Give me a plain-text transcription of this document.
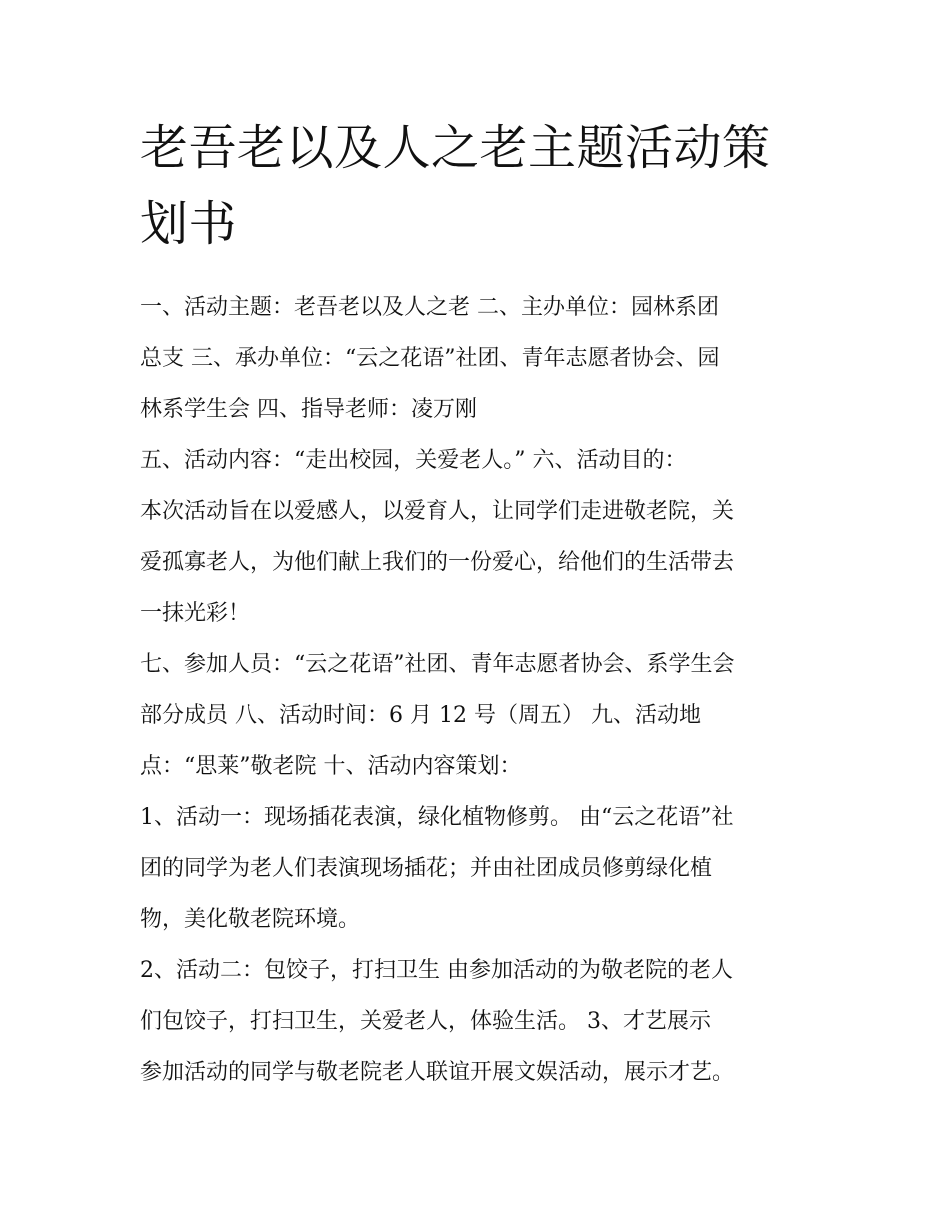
老吾老以及人之老主题活动策
划书
一、活动主题：老吾老以及人之老 二、主办单位：园林系团
总支 三、承办单位：“云之花语”社团、青年志愿者协会、园
林系学生会 四、指导老师：凌万刚
五、活动内容：“走出校园，关爱老人。” 六、活动目的：
本次活动旨在以爱感人，以爱育人，让同学们走进敬老院，关
爱孤寡老人，为他们献上我们的一份爱心，给他们的生活带去
一抹光彩！
七、参加人员：“云之花语”社团、青年志愿者协会、系学生会
部分成员 八、活动时间：6 月 12 号（周五） 九、活动地
点：“思莱”敬老院 十、活动内容策划：
1、活动一：现场插花表演，绿化植物修剪。 由“云之花语”社
团的同学为老人们表演现场插花；并由社团成员修剪绿化植
物，美化敬老院环境。
2、活动二：包饺子，打扫卫生 由参加活动的为敬老院的老人
们包饺子，打扫卫生，关爱老人，体验生活。 3、才艺展示
参加活动的同学与敬老院老人联谊开展文娱活动，展示才艺。
